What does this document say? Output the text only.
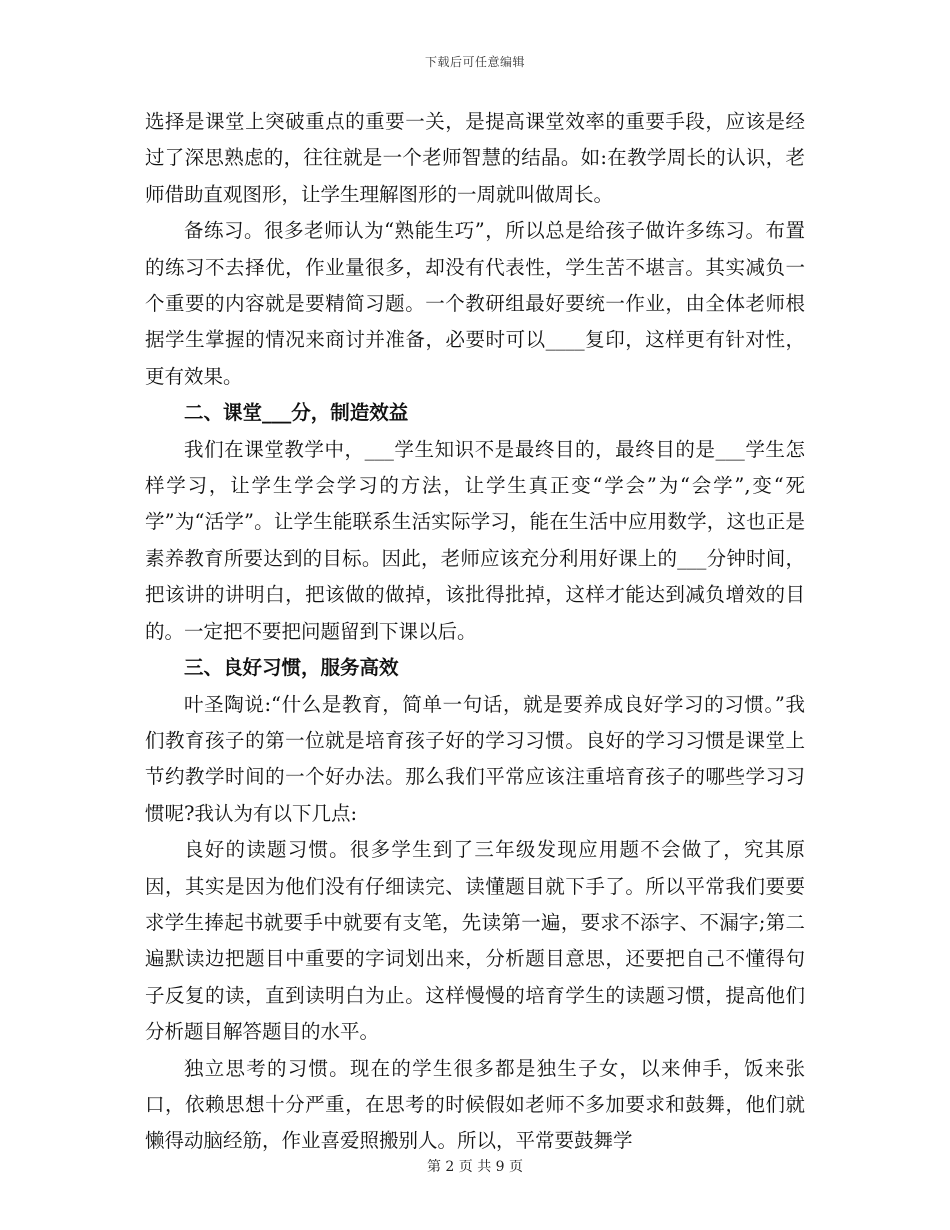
下载后可任意编辑

选择是课堂上突破重点的重要一关，是提高课堂效率的重要手段，应该是经过了深思熟虑的，往往就是一个老师智慧的结晶。如:在教学周长的认识，老师借助直观图形，让学生理解图形的一周就叫做周长。

备练习。很多老师认为“熟能生巧”，所以总是给孩子做许多练习。布置的练习不去择优，作业量很多，却没有代表性，学生苦不堪言。其实减负一个重要的内容就是要精简习题。一个教研组最好要统一作业，由全体老师根据学生掌握的情况来商讨并准备，必要时可以____复印，这样更有针对性，更有效果。

二、课堂___分，制造效益

我们在课堂教学中，___学生知识不是最终目的，最终目的是___学生怎样学习，让学生学会学习的方法，让学生真正变“学会”为“会学”,变“死学”为“活学”。让学生能联系生活实际学习，能在生活中应用数学，这也正是素养教育所要达到的目标。因此，老师应该充分利用好课上的___分钟时间，把该讲的讲明白，把该做的做掉，该批得批掉，这样才能达到减负增效的目的。一定把不要把问题留到下课以后。

三、良好习惯，服务高效

叶圣陶说:“什么是教育，简单一句话，就是要养成良好学习的习惯。”我们教育孩子的第一位就是培育孩子好的学习习惯。良好的学习习惯是课堂上节约教学时间的一个好办法。那么我们平常应该注重培育孩子的哪些学习习惯呢?我认为有以下几点:

良好的读题习惯。很多学生到了三年级发现应用题不会做了，究其原因，其实是因为他们没有仔细读完、读懂题目就下手了。所以平常我们要要求学生捧起书就要手中就要有支笔，先读第一遍，要求不添字、不漏字;第二遍默读边把题目中重要的字词划出来，分析题目意思，还要把自己不懂得句子反复的读，直到读明白为止。这样慢慢的培育学生的读题习惯，提高他们分析题目解答题目的水平。

独立思考的习惯。现在的学生很多都是独生子女，以来伸手，饭来张口，依赖思想十分严重，在思考的时候假如老师不多加要求和鼓舞，他们就懒得动脑经筋，作业喜爱照搬别人。所以，平常要鼓舞学

第 2 页 共 9 页
